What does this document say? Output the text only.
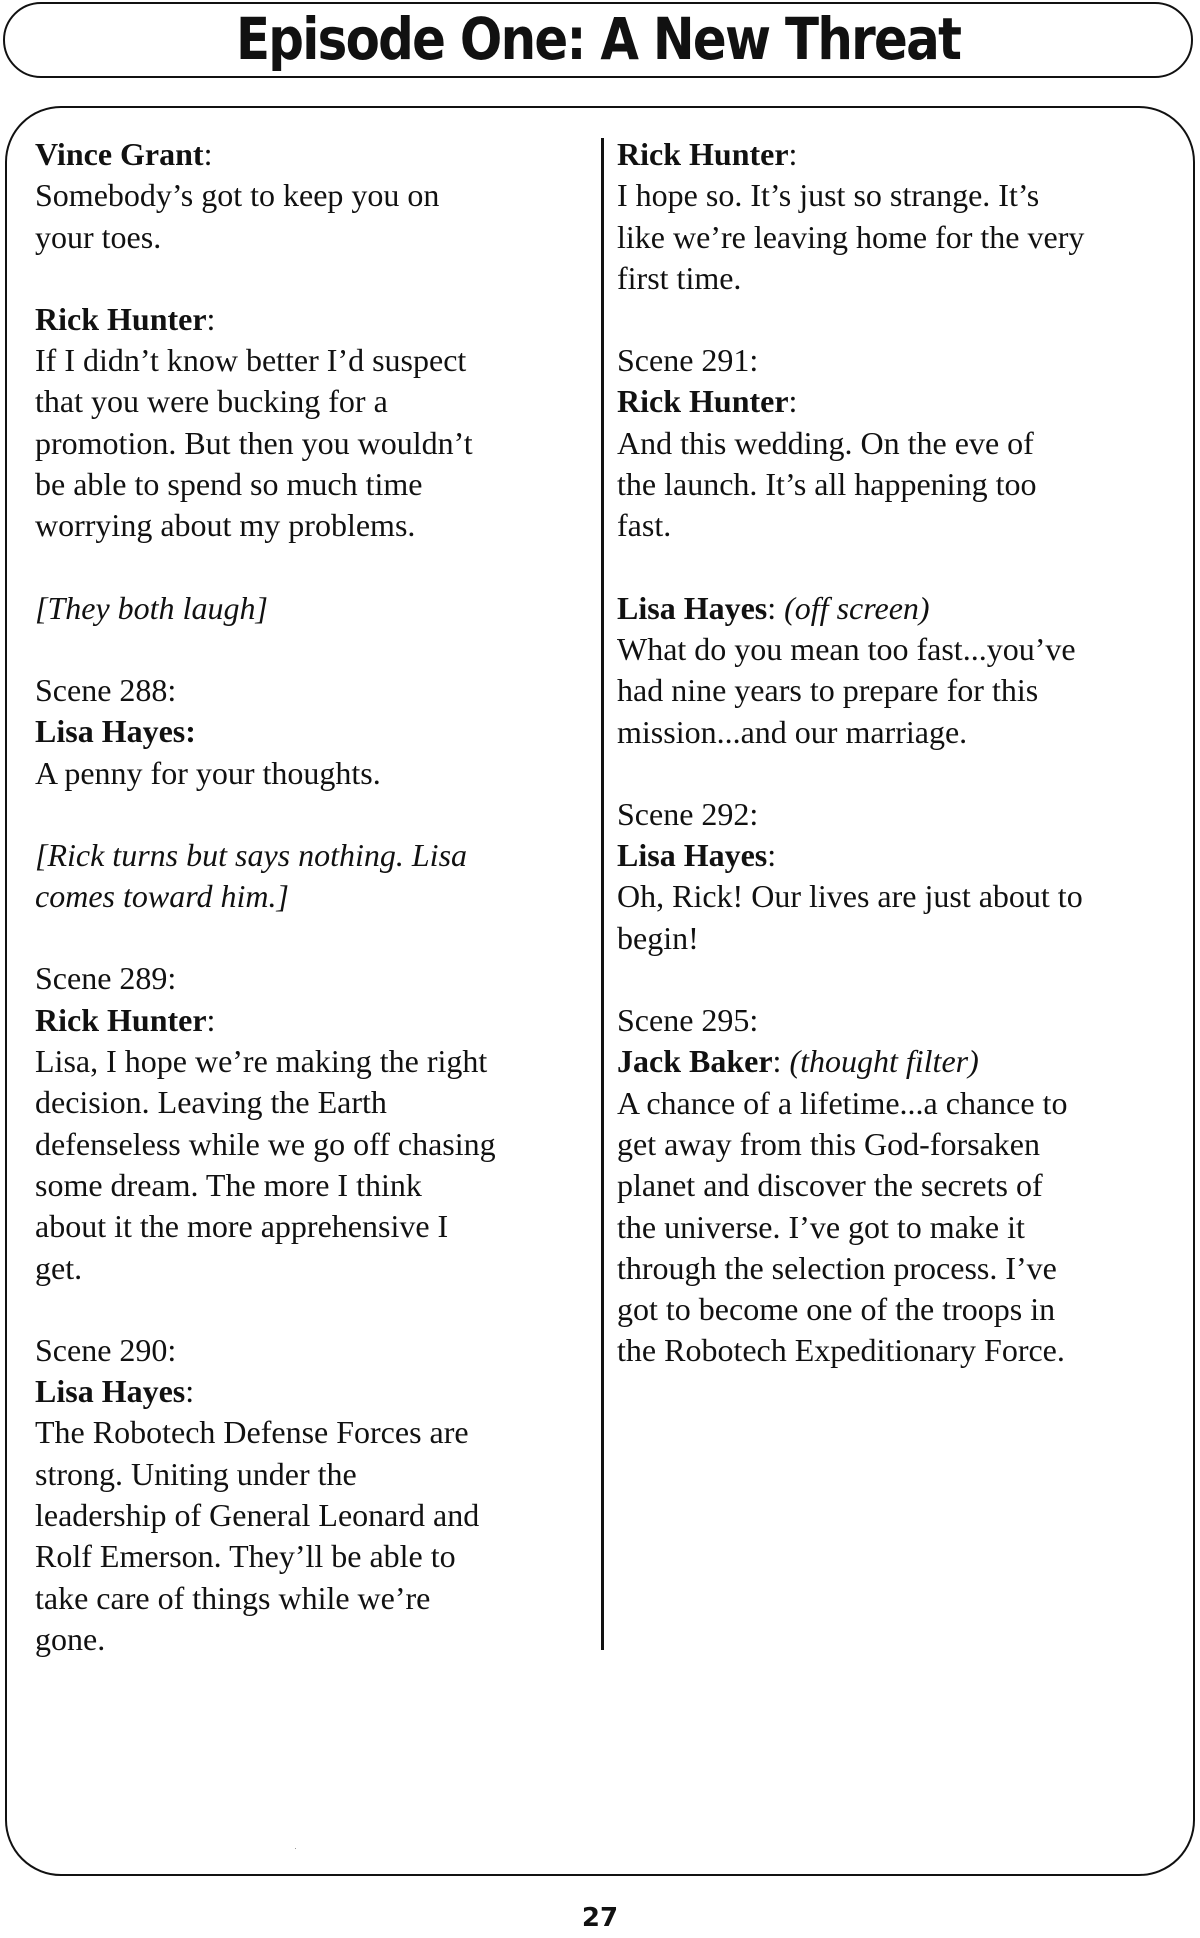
Episode One: A New Threat
Vince Grant:
Somebody’s got to keep you on
your toes.
Rick Hunter:
If I didn’t know better I’d suspect
that you were bucking for a
promotion. But then you wouldn’t
be able to spend so much time
worrying about my problems.
[They both laugh]
Scene 288:
Lisa Hayes:
A penny for your thoughts.
[Rick turns but says nothing. Lisa
comes toward him.]
Scene 289:
Rick Hunter:
Lisa, I hope we’re making the right
decision. Leaving the Earth
defenseless while we go off chasing
some dream. The more I think
about it the more apprehensive I
get.
Scene 290:
Lisa Hayes:
The Robotech Defense Forces are
strong. Uniting under the
leadership of General Leonard and
Rolf Emerson. They’ll be able to
take care of things while we’re
gone.
Rick Hunter:
I hope so. It’s just so strange. It’s
like we’re leaving home for the very
first time.
Scene 291:
Rick Hunter:
And this wedding. On the eve of
the launch. It’s all happening too
fast.
Lisa Hayes: (off screen)
What do you mean too fast...you’ve
had nine years to prepare for this
mission...and our marriage.
Scene 292:
Lisa Hayes:
Oh, Rick! Our lives are just about to
begin!
Scene 295:
Jack Baker: (thought filter)
A chance of a lifetime...a chance to
get away from this God-forsaken
planet and discover the secrets of
the universe. I’ve got to make it
through the selection process. I’ve
got to become one of the troops in
the Robotech Expeditionary Force.
27
